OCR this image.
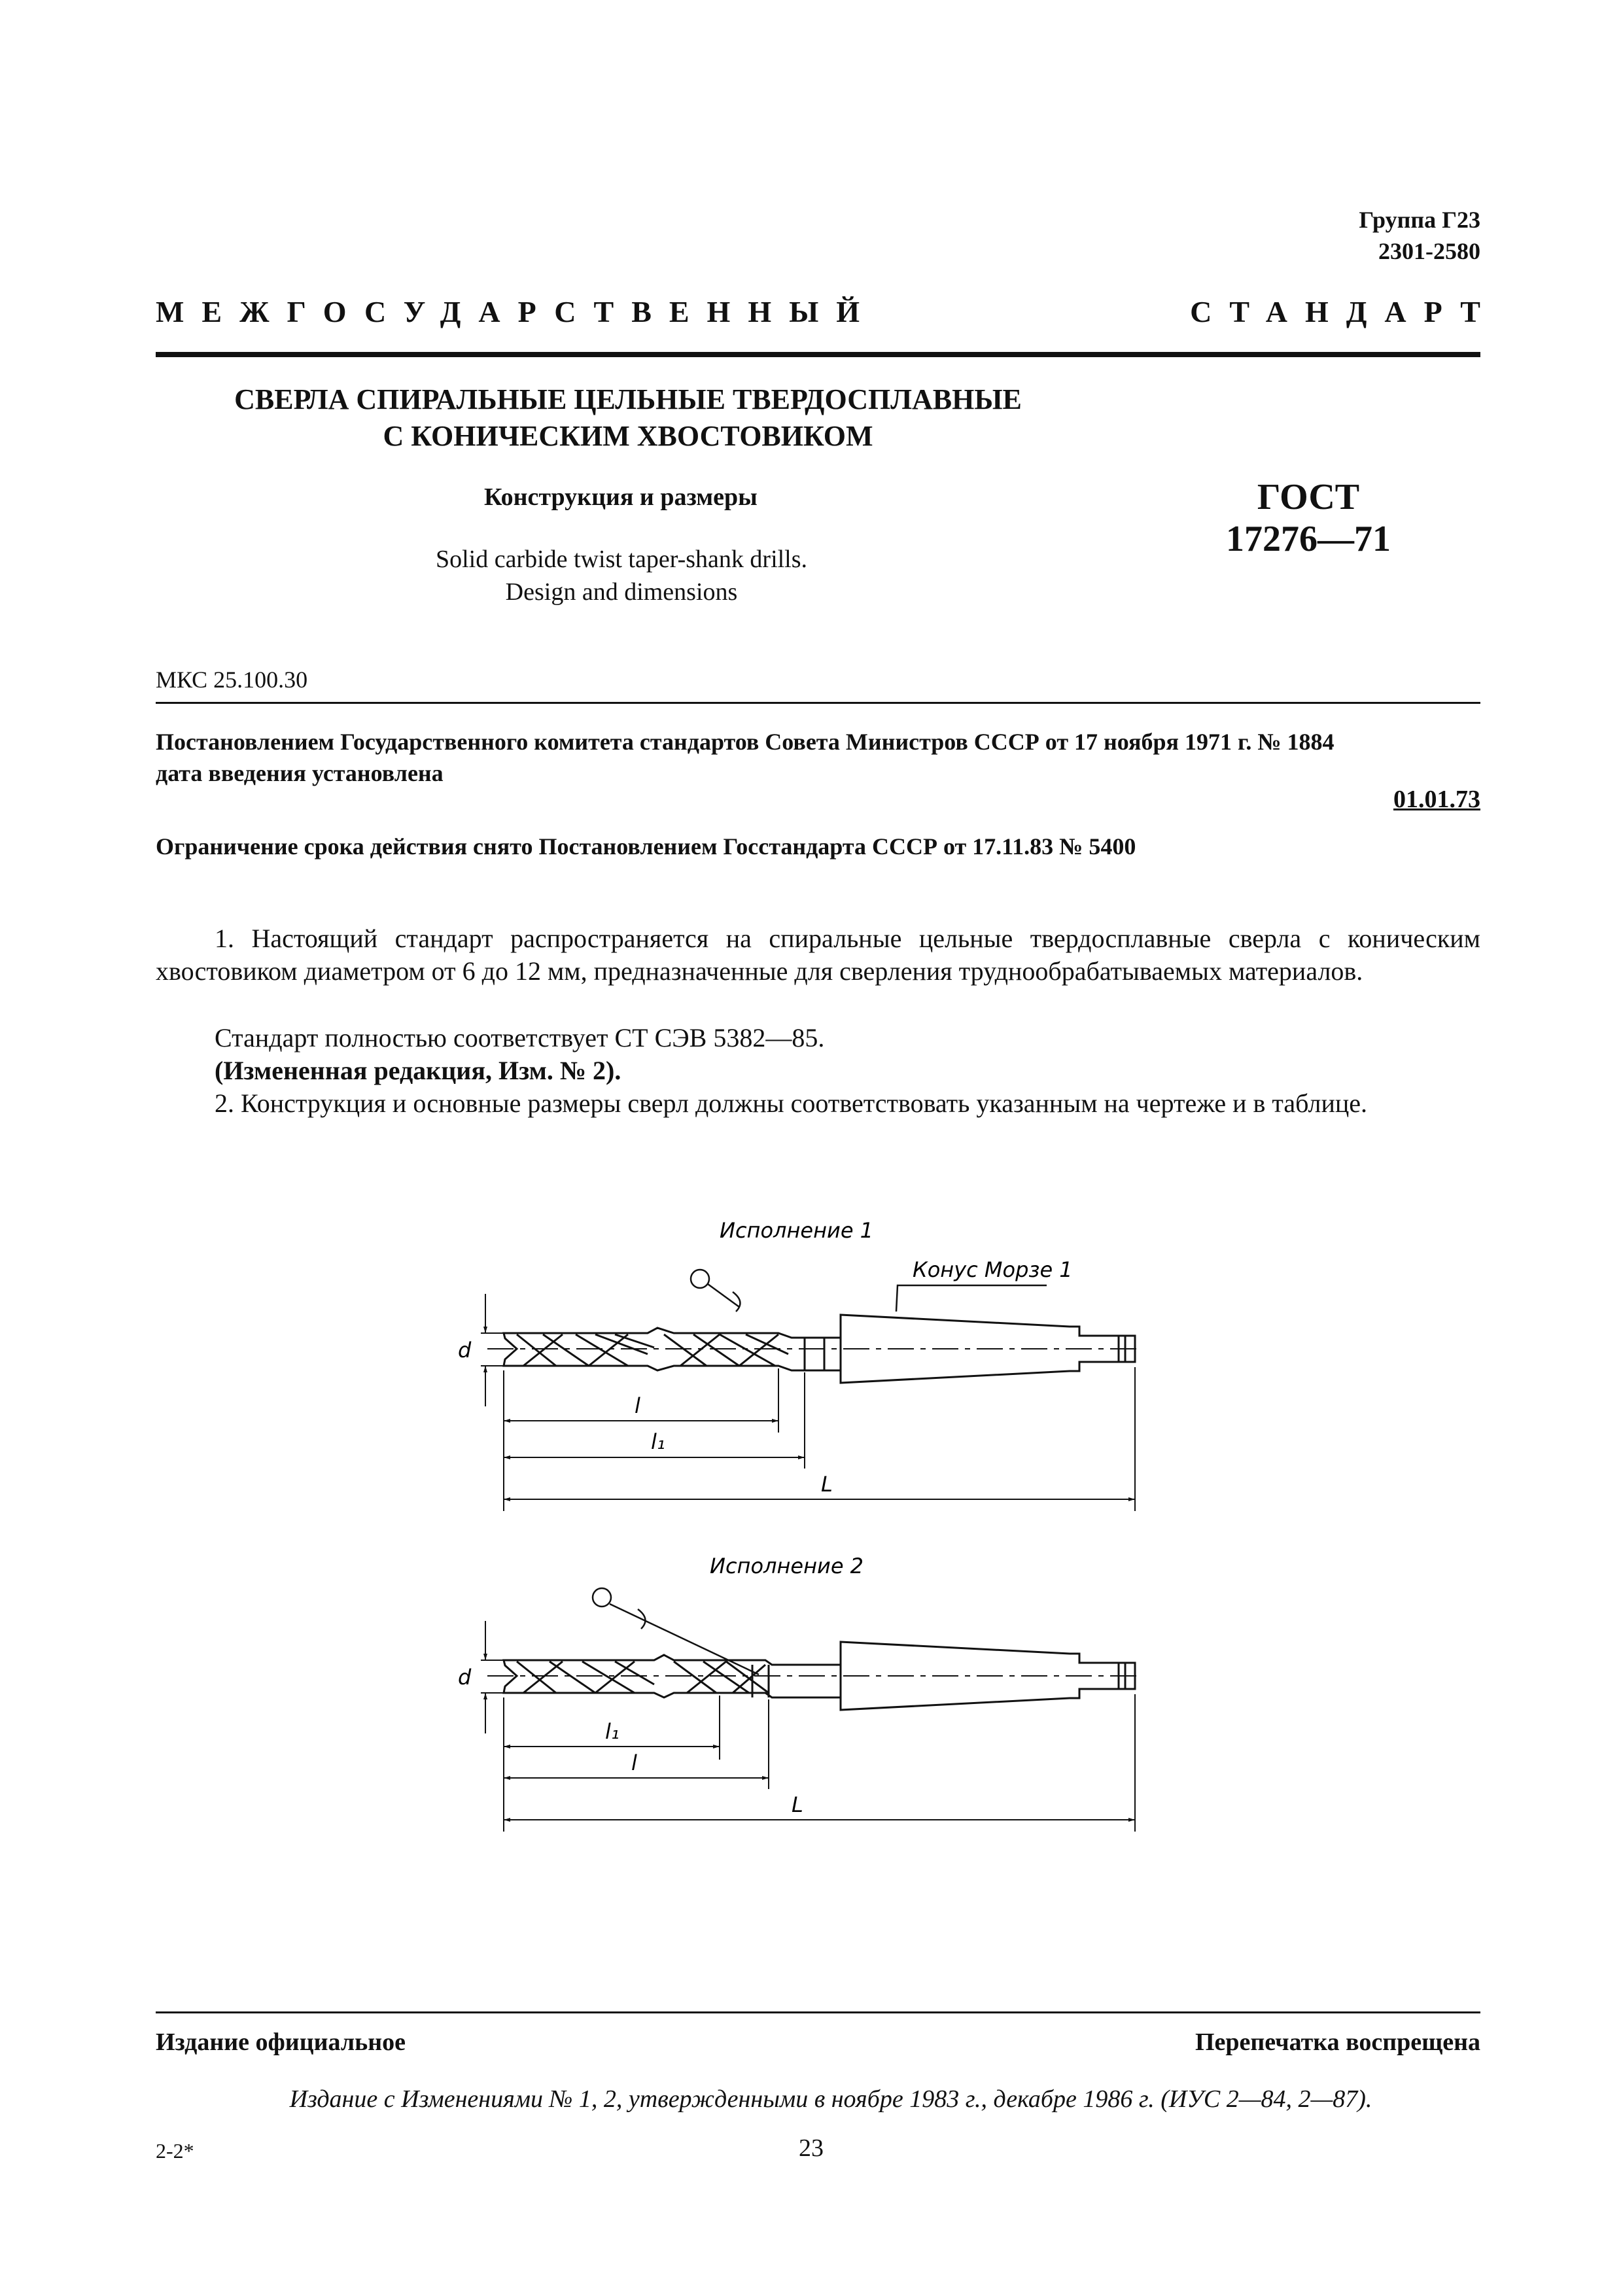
Группа Г23
2301-2580
МЕЖГОСУДАРСТВЕННЫЙ	СТАНДАРТ
СВЕРЛА СПИРАЛЬНЫЕ ЦЕЛЬНЫЕ ТВЕРДОСПЛАВНЫЕ
С КОНИЧЕСКИМ ХВОСТОВИКОМ
Конструкция и размеры
Solid carbide twist taper-shank drills.
Design and dimensions
ГОСТ
17276—71
МКС 25.100.30
Постановлением Государственного комитета стандартов Совета Министров СССР от 17 ноября 1971 г. № 1884
дата введения установлена
01.01.73
Ограничение срока действия снято Постановлением Госстандарта СССР от 17.11.83 № 5400
1. Настоящий стандарт распространяется на спиральные цельные твердосплавные сверла с коническим хвостовиком диаметром от 6 до 12 мм, предназначенные для сверления труднообрабатываемых материалов.
Стандарт полностью соответствует СТ СЭВ 5382—85.
(Измененная редакция, Изм. № 2).
2. Конструкция и основные размеры сверл должны соответствовать указанным на чертеже и в таблице.
Исполнение 1
Конус Морзе 1
d
l
l₁
L
Исполнение 2
d
l₁
l
L
Издание официальное	Перепечатка воспрещена
Издание с Изменениями № 1, 2, утвержденными в ноябре 1983 г., декабре 1986 г. (ИУС 2—84, 2—87).
2-2*	23
